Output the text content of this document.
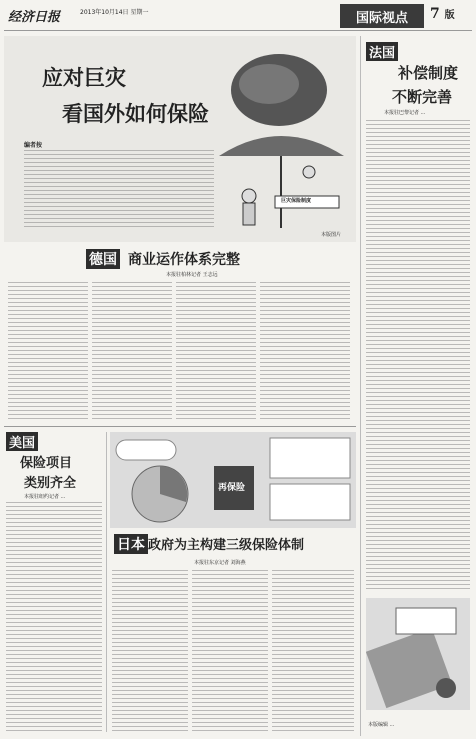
经济日报	2013年10月14日 星期一	国际视点 7 版
应对巨灾
看国外如何保险
巨灾保险制度
本版图片
编者按
德国 商业运作体系完整
本报驻柏林记者 王志远
美国
保险项目
类别齐全
本报驻纽约记者 ...
再保险
日本 政府为主构建三级保险体制
本报驻东京记者 刘海燕
法国
补偿制度
不断完善
本报驻巴黎记者 ...
本版编辑 ...
